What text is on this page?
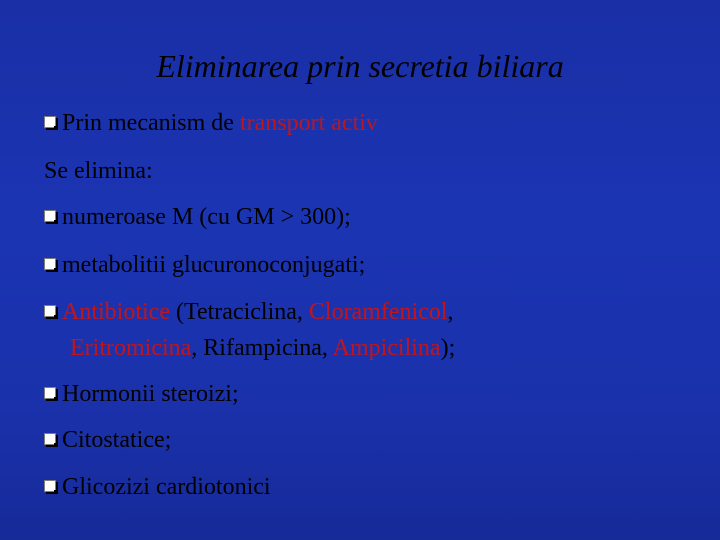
Eliminarea prin secretia biliara
Prin mecanism de transport activ
Se elimina:
numeroase M (cu GM > 300);
metabolitii glucuronoconjugati;
Antibiotice (Tetraciclina, Cloramfenicol,
Eritromicina, Rifampicina, Ampicilina);
Hormonii steroizi;
Citostatice;
Glicozizi cardiotonici
